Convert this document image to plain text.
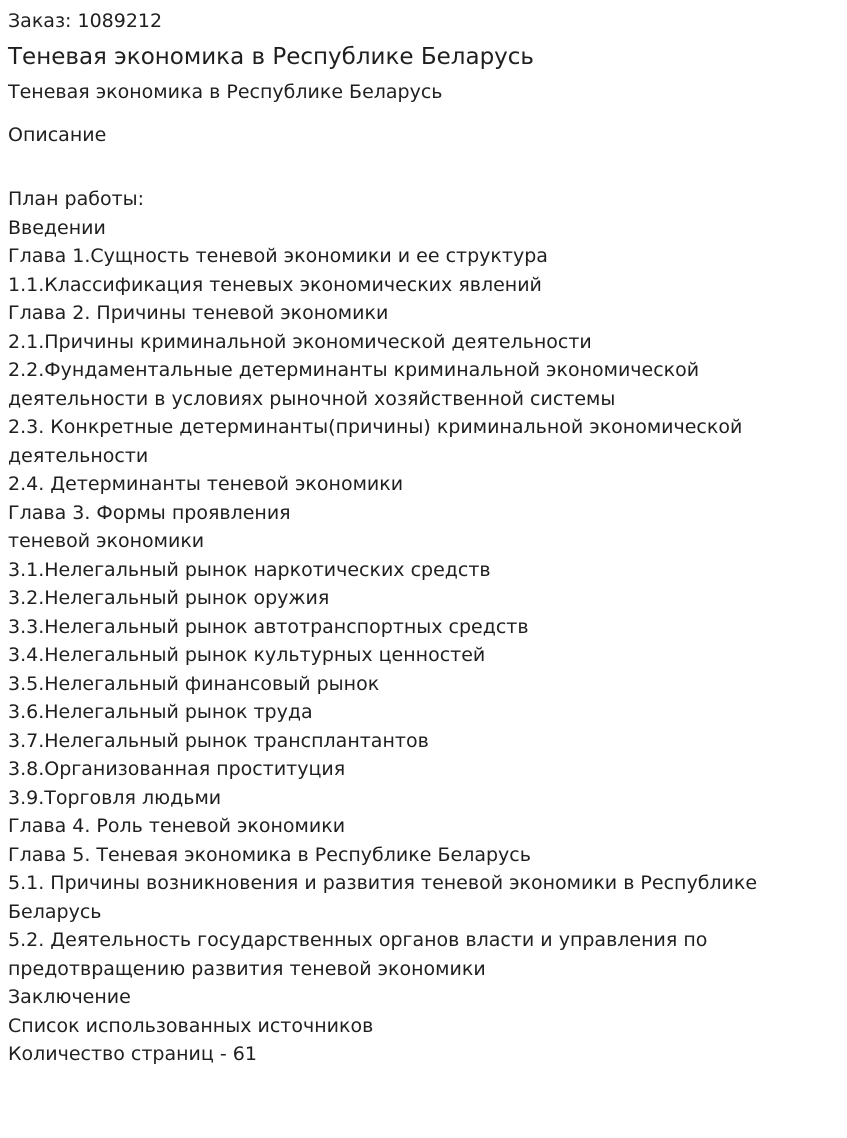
Заказ: 1089212

Теневая экономика в Республике Беларусь

Теневая экономика в Республике Беларусь

Описание

План работы:
Введении
Глава 1.Сущность теневой экономики и ее структура
1.1.Классификация теневых экономических явлений
Глава 2. Причины теневой экономики
2.1.Причины криминальной экономической деятельности
2.2.Фундаментальные детерминанты криминальной экономической
деятельности в условиях рыночной хозяйственной системы
2.3. Конкретные детерминанты(причины) криминальной экономической
деятельности
2.4. Детерминанты теневой экономики
Глава 3. Формы проявления
теневой экономики
3.1.Нелегальный рынок наркотических средств
3.2.Нелегальный рынок оружия
3.3.Нелегальный рынок автотранспортных средств
3.4.Нелегальный рынок культурных ценностей
3.5.Нелегальный финансовый рынок
3.6.Нелегальный рынок труда
3.7.Нелегальный рынок трансплантантов
3.8.Организованная проституция
3.9.Торговля людьми
Глава 4. Роль теневой экономики
Глава 5. Теневая экономика в Республике Беларусь
5.1. Причины возникновения и развития теневой экономики в Республике
Беларусь
5.2. Деятельность государственных органов власти и управления по
предотвращению развития теневой экономики
Заключение
Список использованных источников
Количество страниц - 61
